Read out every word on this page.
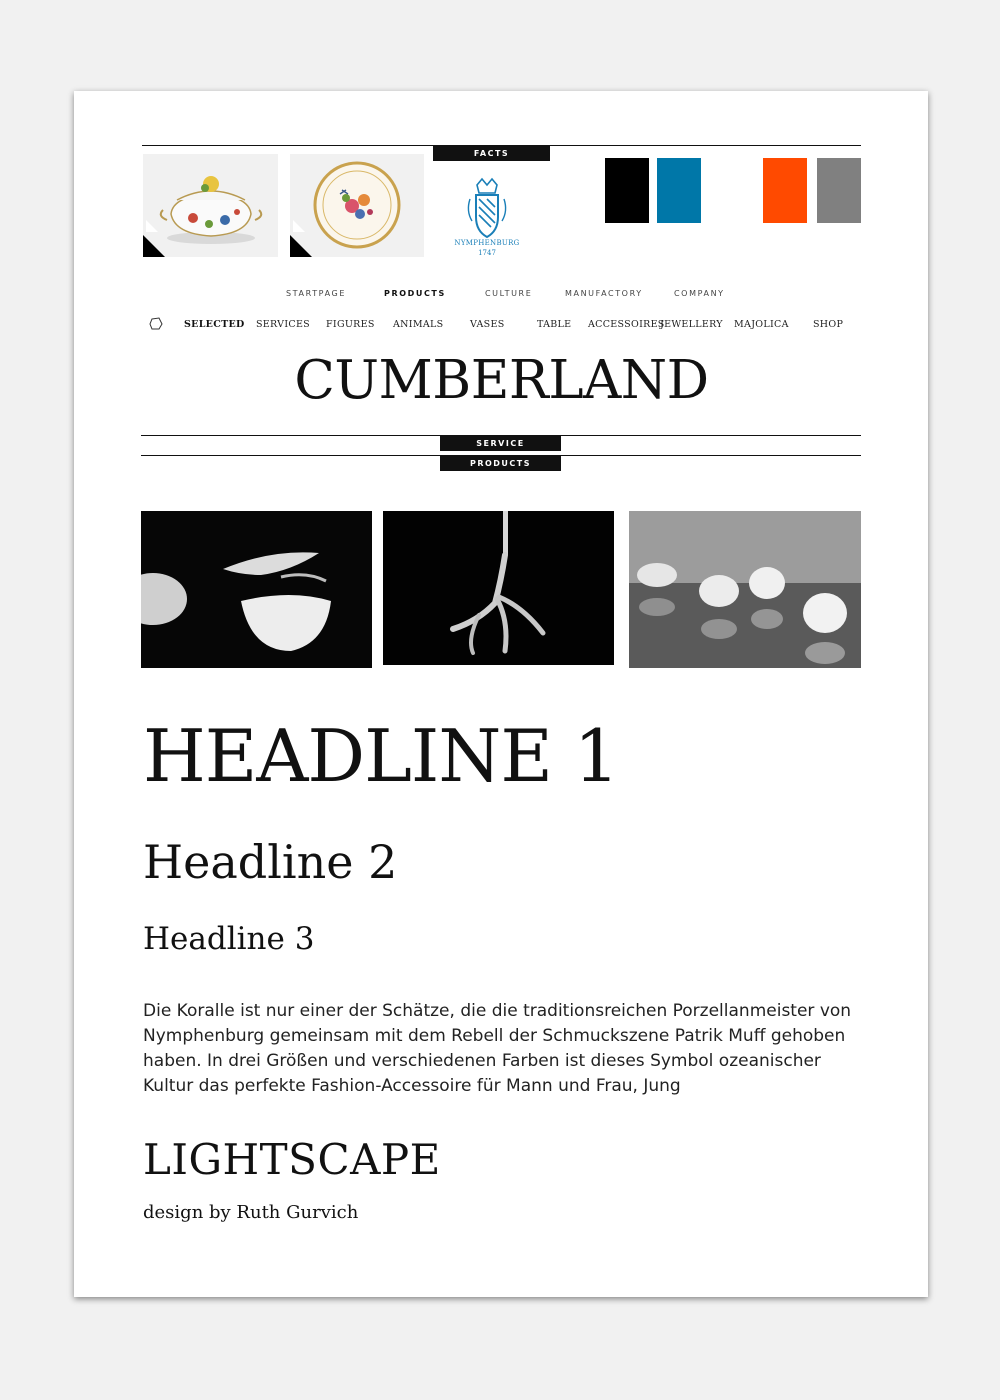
FACTS
NYMPHENBURG
1747
STARTPAGE	PRODUCTS	CULTURE	MANUFACTORY	COMPANY
SELECTED SERVICES FIGURES ANIMALS	VASES	TABLE ACCESSOIRES
JEWELLERY MAJOLICA	SHOP
CUMBERLAND
SERVICE
PRODUCTS
HEADLINE 1
Headline 2
Headline 3
Die Koralle ist nur einer der Schätze, die die traditionsreichen Porzellanmeister von Nymphenburg gemeinsam mit dem Rebell der Schmuckszene Patrik Muff gehoben haben. In drei Größen und verschiedenen Farben ist dieses Symbol ozeanischer Kultur das perfekte Fashion-Accessoire für Mann und Frau, Jung
LIGHTSCAPE
design by Ruth Gurvich
